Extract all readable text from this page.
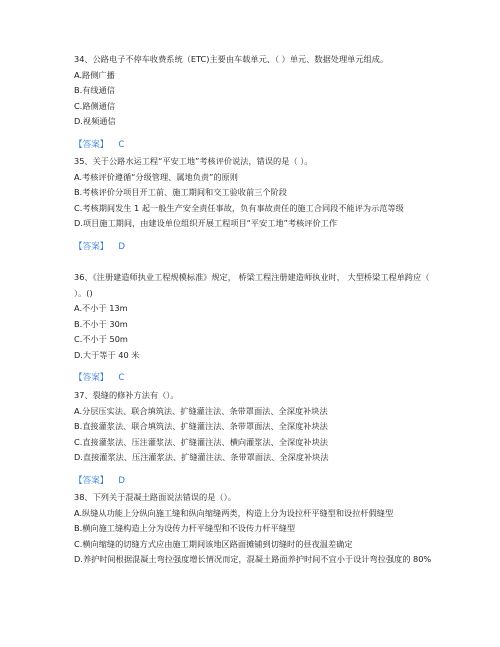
34、公路电子不停车收费系统（ETC)主要由车载单元、（ ）单元、数据处理单元组成。
A.路侧广播
B.有线通信
C.路侧通信
D.视频通信
【答案】 C
35、关于公路水运工程“平安工地”考核评价说法，错误的是（ ）。
A.考核评价遵循“分级管理、属地负责”的原则
B.考核评价分项目开工前、施工期间和交工验收前三个阶段
C.考核期间发生 1 起一般生产安全责任事故，负有事故责任的施工合同段不能评为示范等级
D.项目施工期间，由建设单位组织开展工程项目“平安工地”考核评价工作
【答案】 D
36、《注册建造师执业工程规模标准》规定， 桥梁工程注册建造师执业时， 大型桥梁工程单跨应（ ）。()
A.不小于 13m
B.不小于 30m
C.不小于 50m
D.大于等于 40 米
【答案】 C
37、裂缝的修补方法有（）。
A.分层压实法、联合填筑法、扩缝灌注法、条带罩面法、全深度补块法
B.直接灌浆法、联合填筑法、扩缝灌注法、条带罩面法、全深度补块法
C.直接灌浆法、压注灌浆法、扩缝灌注法、横向灌浆法、全深度补块法
D.直接灌浆法、压注灌浆法、扩缝灌注法、条带罩面法、全深度补块法
【答案】 D
38、下列关于混凝土路面说法错误的是（）。
A.纵缝从功能上分纵向施工缝和纵向缩缝两类，构造上分为设拉杆平缝型和设拉杆假缝型
B.横向施工缝构造上分为设传力杆平缝型和不设传力杆平缝型
C.横向缩缝的切缝方式应由施工期间该地区路面摊铺到切缝时的昼夜温差确定
D.养护时间根据混凝土弯拉强度增长情况而定，混凝土路面养护时间不宜小于设计弯拉强度的 80%
